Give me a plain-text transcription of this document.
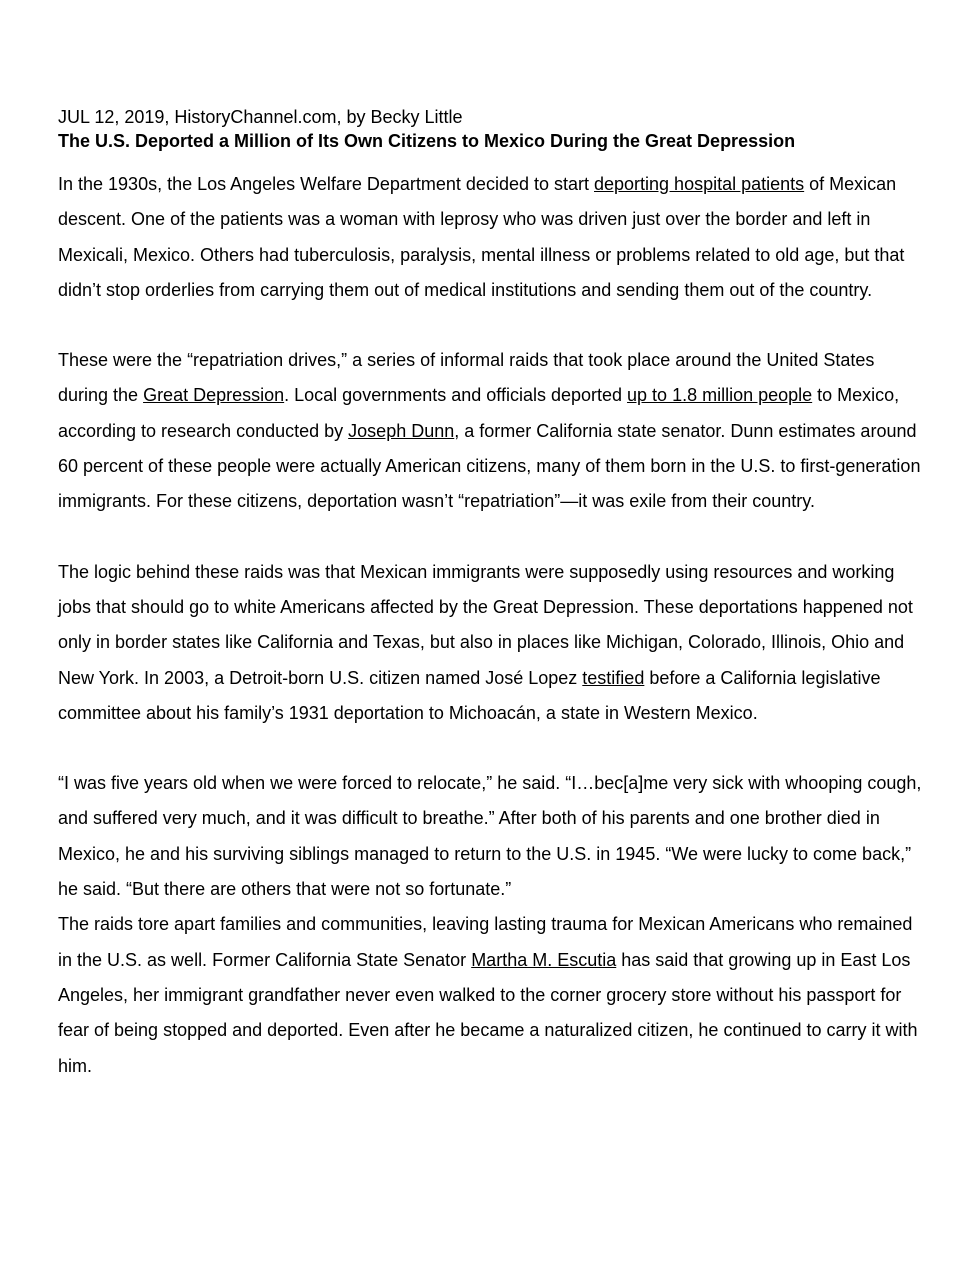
JUL 12, 2019, HistoryChannel.com, by Becky Little

The U.S. Deported a Million of Its Own Citizens to Mexico During the Great Depression

In the 1930s, the Los Angeles Welfare Department decided to start deporting hospital patients of Mexican descent. One of the patients was a woman with leprosy who was driven just over the border and left in Mexicali, Mexico. Others had tuberculosis, paralysis, mental illness or problems related to old age, but that didn’t stop orderlies from carrying them out of medical institutions and sending them out of the country.

These were the “repatriation drives,” a series of informal raids that took place around the United States during the Great Depression. Local governments and officials deported up to 1.8 million people to Mexico, according to research conducted by Joseph Dunn, a former California state senator. Dunn estimates around 60 percent of these people were actually American citizens, many of them born in the U.S. to first-generation immigrants. For these citizens, deportation wasn’t “repatriation”—it was exile from their country.

The logic behind these raids was that Mexican immigrants were supposedly using resources and working jobs that should go to white Americans affected by the Great Depression. These deportations happened not only in border states like California and Texas, but also in places like Michigan, Colorado, Illinois, Ohio and New York. In 2003, a Detroit-born U.S. citizen named José Lopez testified before a California legislative committee about his family’s 1931 deportation to Michoacán, a state in Western Mexico.

“I was five years old when we were forced to relocate,” he said. “I…bec[a]me very sick with whooping cough, and suffered very much, and it was difficult to breathe.” After both of his parents and one brother died in Mexico, he and his surviving siblings managed to return to the U.S. in 1945. “We were lucky to come back,” he said. “But there are others that were not so fortunate.”

The raids tore apart families and communities, leaving lasting trauma for Mexican Americans who remained in the U.S. as well. Former California State Senator Martha M. Escutia has said that growing up in East Los Angeles, her immigrant grandfather never even walked to the corner grocery store without his passport for fear of being stopped and deported. Even after he became a naturalized citizen, he continued to carry it with him.
